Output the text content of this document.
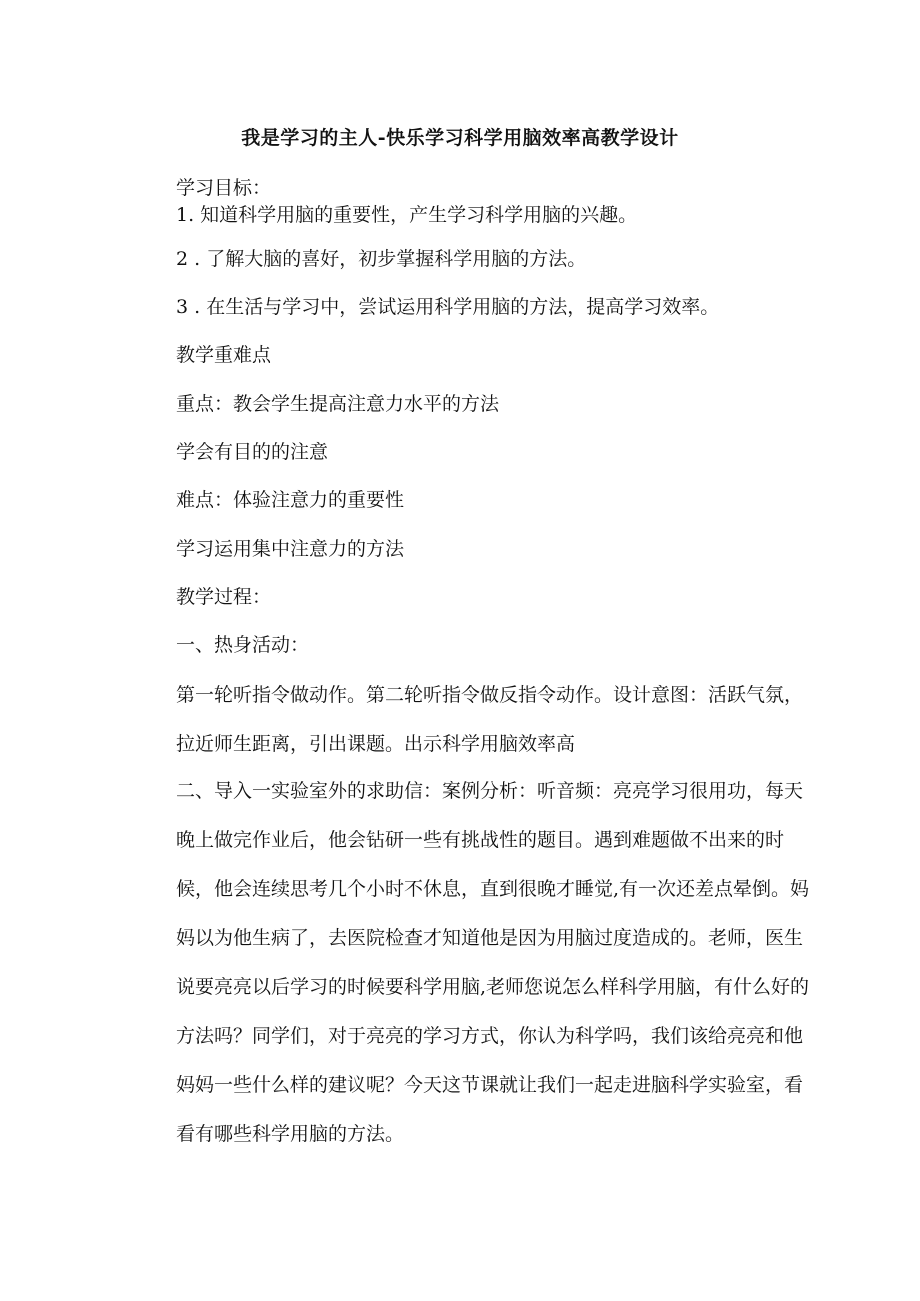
我是学习的主人-快乐学习科学用脑效率高教学设计
学习目标：
1. 知道科学用脑的重要性，产生学习科学用脑的兴趣。
2 . 了解大脑的喜好，初步掌握科学用脑的方法。
3 . 在生活与学习中，尝试运用科学用脑的方法，提高学习效率。
教学重难点
重点：教会学生提高注意力水平的方法
学会有目的的注意
难点：体验注意力的重要性
学习运用集中注意力的方法
教学过程：
一、热身活动：
第一轮听指令做动作。第二轮听指令做反指令动作。设计意图：活跃气氛，拉近师生距离，引出课题。出示科学用脑效率高
二、导入一实验室外的求助信：案例分析：听音频：亮亮学习很用功，每天晚上做完作业后，他会钻研一些有挑战性的题目。遇到难题做不出来的时候，他会连续思考几个小时不休息，直到很晚才睡觉,有一次还差点晕倒。妈妈以为他生病了，去医院检查才知道他是因为用脑过度造成的。老师，医生说要亮亮以后学习的时候要科学用脑,老师您说怎么样科学用脑，有什么好的方法吗？同学们，对于亮亮的学习方式，你认为科学吗，我们该给亮亮和他妈妈一些什么样的建议呢？今天这节课就让我们一起走进脑科学实验室，看看有哪些科学用脑的方法。
